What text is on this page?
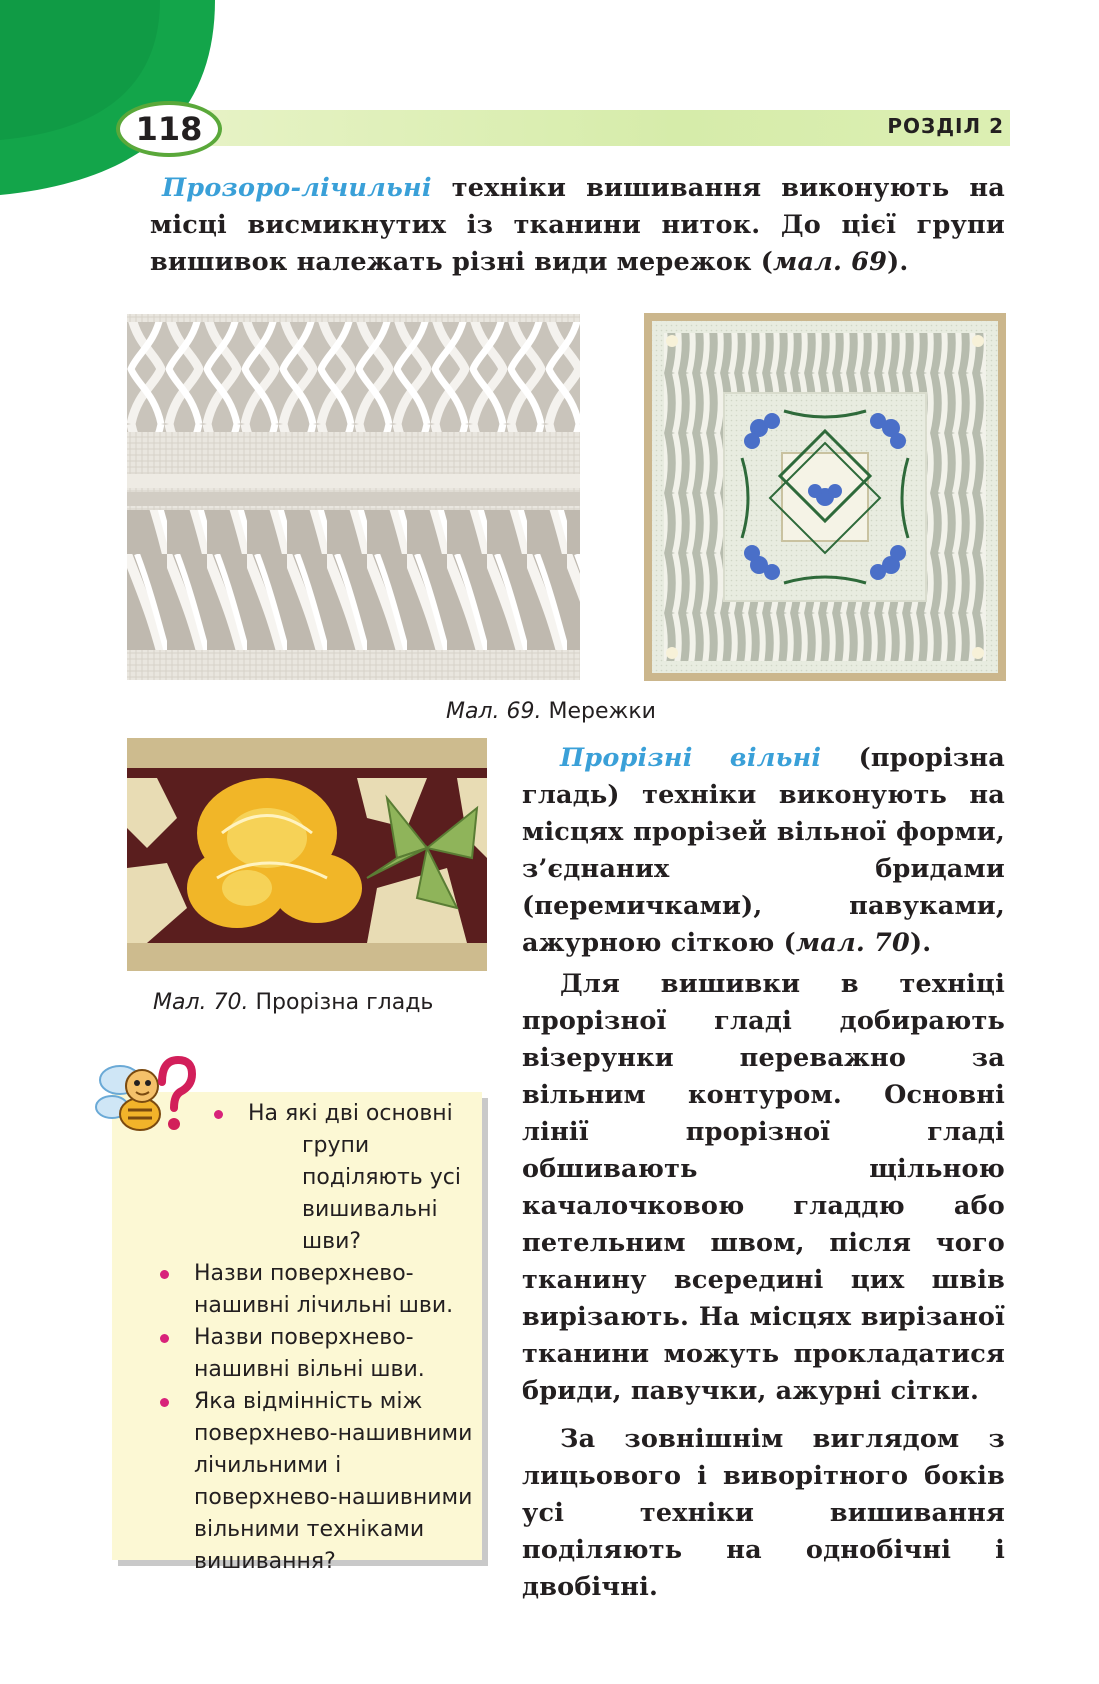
118	РОЗДІЛ 2
Прозоро-лічильні техніки вишивання виконують на місці висмикнутих із тканини ниток. До цієї групи вишивок належать різні види мережок (мал. 69).
Мал. 69. Мережки
Мал. 70. Прорізна гладь
Прорізні вільні (прорізна гладь) техніки виконують на місцях прорізей вільної форми, з’єднаних бридами (перемичками), павуками, ажурною сіткою (мал. 70).
Для вишивки в техніці прорізної гладі добирають візерунки переважно за вільним контуром. Основні лінії прорізної гладі обшивають щільною качалочковою гладдю або петельним швом, після чого тканину всередині цих швів вирізають. На місцях вирізаної тканини можуть прокладатися бриди, павучки, ажурні сітки.
За зовнішнім виглядом з лицьового і виворітного боків усі техніки вишивання поділяють на однобічні і двобічні.
На які дві основні групи поділяють усі вишивальні шви?
Назви поверхнево-нашивні лічильні шви.
Назви поверхнево-нашивні вільні шви.
Яка відмінність між поверхнево-нашивними лічильними і поверхнево-нашивними вільними техніками вишивання?
